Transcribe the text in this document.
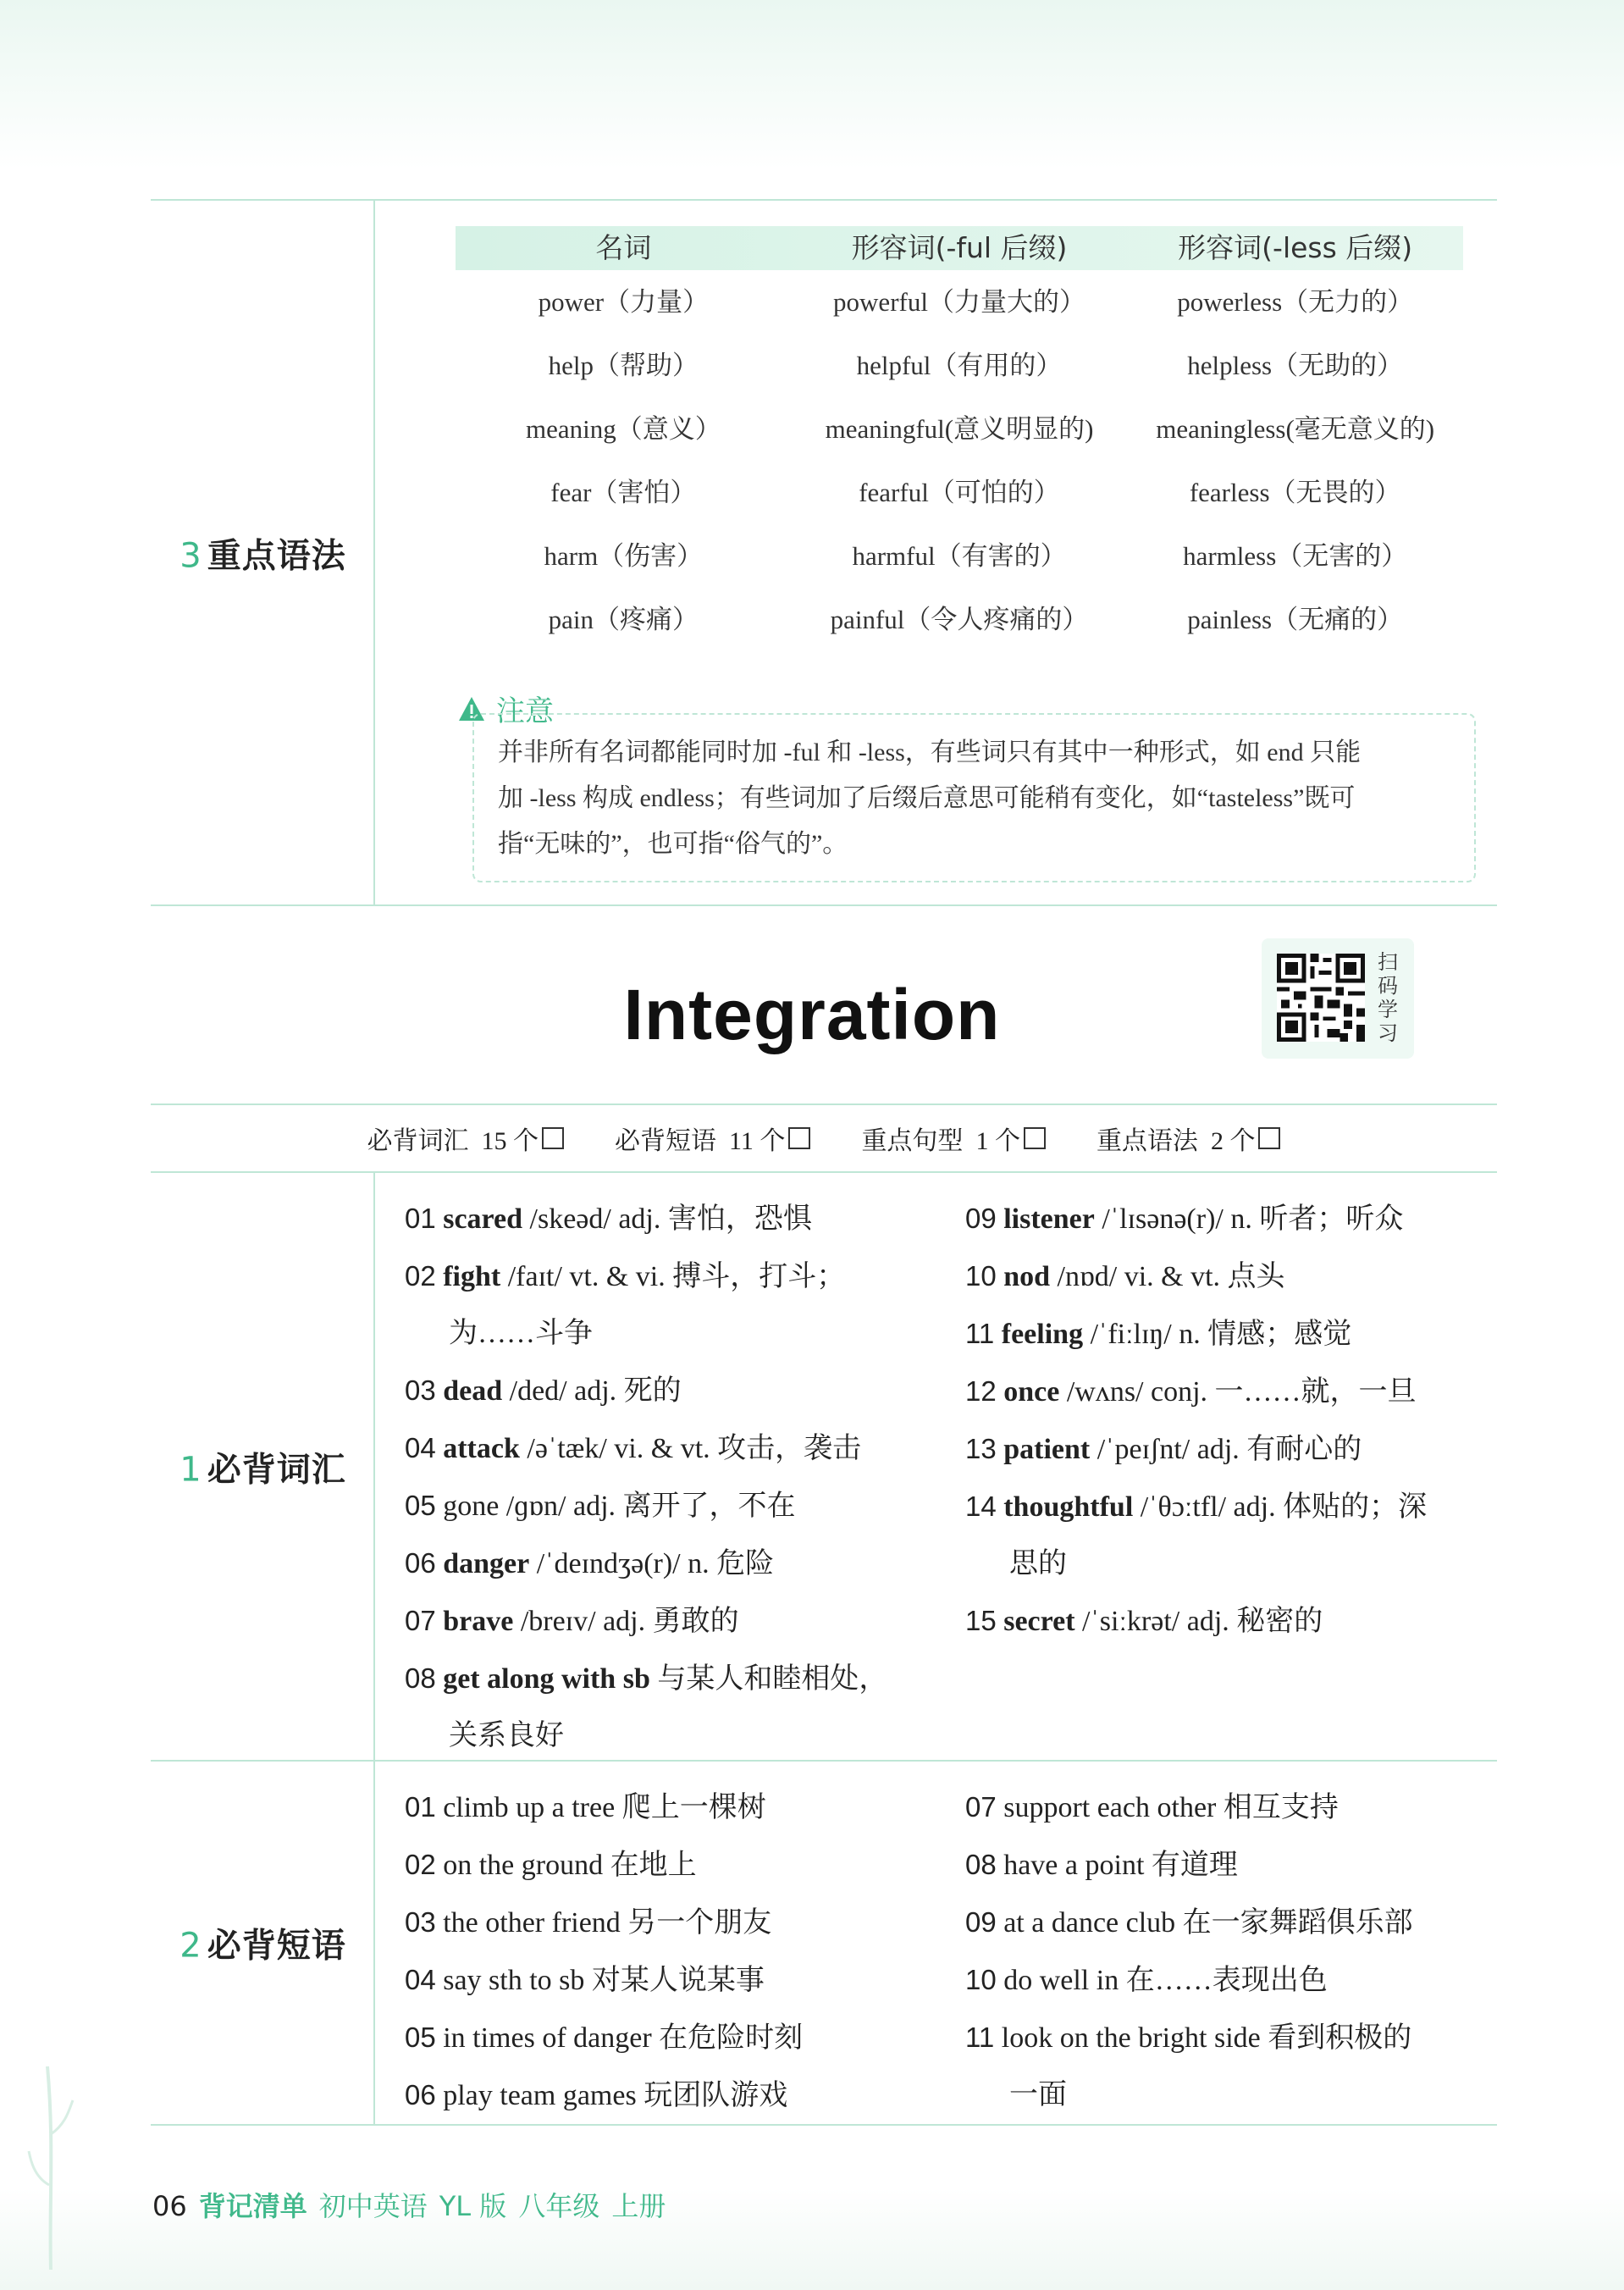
3 重点语法
名词	形容词(-ful 后缀)	形容词(-less 后缀)
power（力量）	powerful（力量大的）	powerless（无力的）
help（帮助）	helpful（有用的）	helpless（无助的）
meaning（意义）	meaningful(意义明显的)	meaningless(毫无意义的)
fear（害怕）	fearful（可怕的）	fearless（无畏的）
harm（伤害）	harmful（有害的）	harmless（无害的）
pain（疼痛）	painful（令人疼痛的）	painless（无痛的）
注意
并非所有名词都能同时加 -ful 和 -less，有些词只有其中一种形式，如 end 只能
加 -less 构成 endless；有些词加了后缀后意思可能稍有变化，如“tasteless”既可
指“无味的”，也可指“俗气的”。
Integration
扫
码
学
习
必背词汇
15 个	必背短语
11 个	重点句型
1 个	重点语法
2 个
1 必背词汇
01 scared /skeəd/ adj. 害怕，恐惧
02 fight /faɪt/ vt. & vi. 搏斗，打斗；
为……斗争
03 dead /ded/ adj. 死的
04 attack /əˈtæk/ vi. & vt. 攻击，袭击
05 gone /ɡɒn/ adj. 离开了，不在
06 danger /ˈdeɪndʒə(r)/ n. 危险
07 brave /breɪv/ adj. 勇敢的
08 get along with sb 与某人和睦相处，
关系良好
09 listener /ˈlɪsənə(r)/ n. 听者；听众
10 nod /nɒd/ vi. & vt. 点头
11 feeling /ˈfiːlɪŋ/ n. 情感；感觉
12 once /wʌns/ conj. 一……就，一旦
13 patient /ˈpeɪʃnt/ adj. 有耐心的
14 thoughtful /ˈθɔːtfl/ adj. 体贴的；深
思的
15 secret /ˈsiːkrət/ adj. 秘密的
2 必背短语
01 climb up a tree 爬上一棵树
02 on the ground 在地上
03 the other friend 另一个朋友
04 say sth to sb 对某人说某事
05 in times of danger 在危险时刻
06 play team games 玩团队游戏
07 support each other 相互支持
08 have a point 有道理
09 at a dance club 在一家舞蹈俱乐部
10 do well in 在……表现出色
11 look on the bright side 看到积极的
一面
06 背记清单 初中英语 YL 版 八年级 上册
